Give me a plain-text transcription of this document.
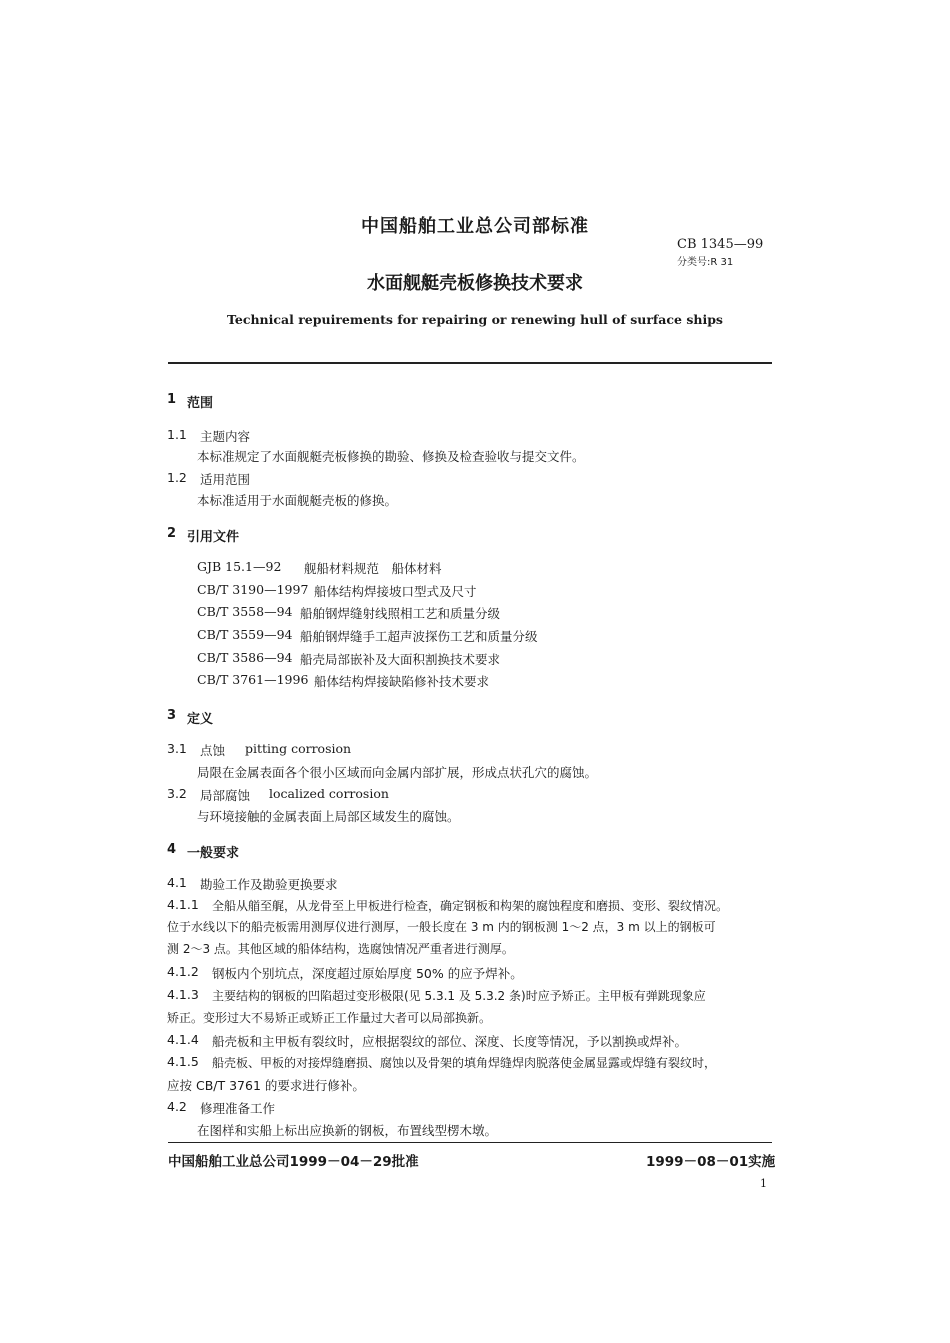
中国船舶工业总公司部标准
CB 1345—99
分类号:R 31
水面舰艇壳板修换技术要求
Technical repuirements for repairing or renewing hull of surface ships
1 范围
1.1 主题内容
本标准规定了水面舰艇壳板修换的勘验、修换及检查验收与提交文件。
1.2 适用范围
本标准适用于水面舰艇壳板的修换。
2 引用文件
GJB 15.1—92 舰船材料规范　船体材料
CB/T 3190—1997 船体结构焊接坡口型式及尺寸
CB/T 3558—94 船舶钢焊缝射线照相工艺和质量分级
CB/T 3559—94 船舶钢焊缝手工超声波探伤工艺和质量分级
CB/T 3586—94 船壳局部嵌补及大面积割换技术要求
CB/T 3761—1996 船体结构焊接缺陷修补技术要求
3 定义
3.1 点蚀 pitting corrosion
局限在金属表面各个很小区域而向金属内部扩展，形成点状孔穴的腐蚀。
3.2 局部腐蚀 localized corrosion
与环境接触的金属表面上局部区域发生的腐蚀。
4 一般要求
4.1 勘验工作及勘验更换要求
4.1.1 全船从艏至艉，从龙骨至上甲板进行检查，确定钢板和构架的腐蚀程度和磨损、变形、裂纹情况。
位于水线以下的船壳板需用测厚仪进行测厚，一般长度在 3 m 内的钢板测 1～2 点，3 m 以上的钢板可
测 2～3 点。其他区域的船体结构，选腐蚀情况严重者进行测厚。
4.1.2 钢板内个别坑点，深度超过原始厚度 50% 的应予焊补。
4.1.3 主要结构的钢板的凹陷超过变形极限(见 5.3.1 及 5.3.2 条)时应予矫正。主甲板有弹跳现象应
矫正。变形过大不易矫正或矫正工作量过大者可以局部换新。
4.1.4 船壳板和主甲板有裂纹时，应根据裂纹的部位、深度、长度等情况，予以割换或焊补。
4.1.5 船壳板、甲板的对接焊缝磨损、腐蚀以及骨架的填角焊缝焊肉脱落使金属显露或焊缝有裂纹时，
应按 CB/T 3761 的要求进行修补。
4.2 修理准备工作
在图样和实船上标出应换新的钢板，布置线型楞木墩。
中国船舶工业总公司1999－04－29批准	1999－08－01实施
1
